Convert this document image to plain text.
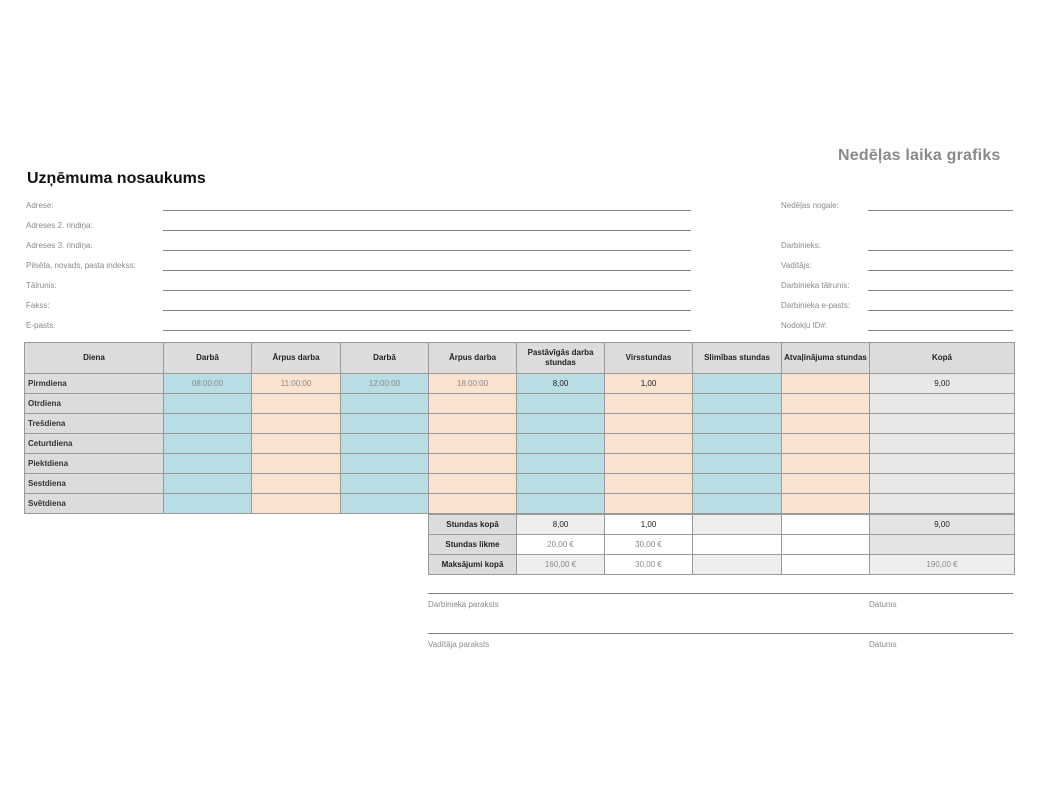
Nedēļas laika grafiks
Uzņēmuma nosaukums
Adrese:
Adreses 2. rindiņa:
Adreses 3. rindiņa:
Pilsēta, novads, pasta indekss:
Tālrunis:
Fakss:
E-pasts:
Nedēļas nogale:
Darbinieks:
Vadītājs:
Darbinieka tālrunis:
Darbinieka e-pasts:
Nodokļu ID#:
Diena	Darbā	Ārpus darba	Darbā	Ārpus darba	Pastāvīgās darba stundas	Virsstundas	Slimības stundas	Atvaļinājuma stundas	Kopā
Pirmdiena	08:00:00	11:00:00	12:00:00	18:00:00	8,00	1,00			9,00
Otrdiena									
Trešdiena									
Ceturtdiena									
Piektdiena									
Sestdiena									
Svētdiena									
Stundas kopā	8,00	1,00			9,00
Stundas likme	20,00 €	30,00 €			
Maksājumi kopā	160,00 €	30,00 €			190,00 €
Darbinieka paraksts	Datums
Vadītāja paraksts	Datums
